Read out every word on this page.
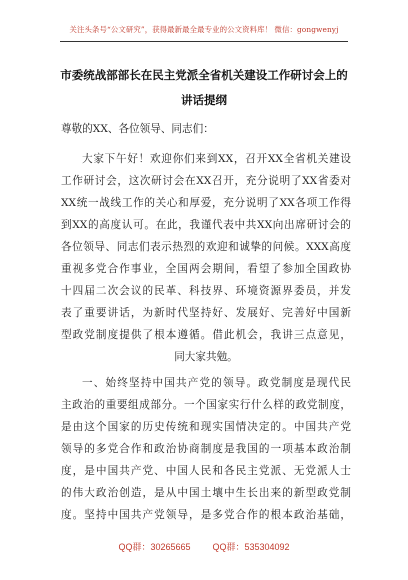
关注头条号“公文研究”，获得最新最全最专业的公文资料库！ 微信：gongwenyj
市委统战部部长在民主党派全省机关建设工作研讨会上的
讲话提纲
尊敬的XX、各位领导、同志们：
大家下午好！欢迎你们来到XX，召开XX全省机关建设
工作研讨会，这次研讨会在XX召开，充分说明了XX省委对
XX统一战线工作的关心和厚爱，充分说明了XX各项工作得
到XX的高度认可。在此，我谨代表中共XX向出席研讨会的
各位领导、同志们表示热烈的欢迎和诚挚的问候。XXX高度
重视多党合作事业，全国两会期间，看望了参加全国政协
十四届二次会议的民革、科技界、环境资源界委员，并发
表了重要讲话，为新时代坚持好、发展好、完善好中国新
型政党制度提供了根本遵循。借此机会，我讲三点意见，
同大家共勉。
一、始终坚持中国共产党的领导。政党制度是现代民
主政治的重要组成部分。一个国家实行什么样的政党制度，
是由这个国家的历史传统和现实国情决定的。中国共产党
领导的多党合作和政治协商制度是我国的一项基本政治制
度，是中国共产党、中国人民和各民主党派、无党派人士
的伟大政治创造，是从中国土壤中生长出来的新型政党制
度。坚持中国共产党领导，是多党合作的根本政治基础，
QQ群：30265665 QQ群：535304092
